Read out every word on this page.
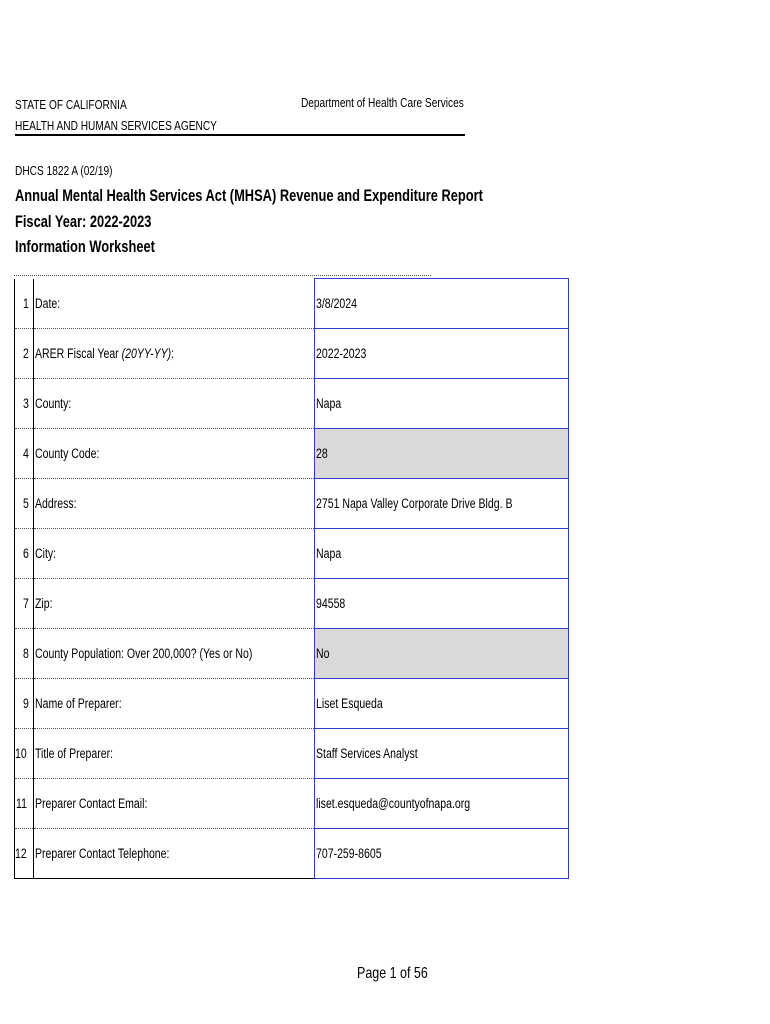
STATE OF CALIFORNIA
HEALTH AND HUMAN SERVICES AGENCY
Department of Health Care Services
DHCS 1822 A (02/19)
Annual Mental Health Services Act (MHSA) Revenue and Expenditure Report
Fiscal Year: 2022-2023
Information Worksheet
1	Date:	3/8/2024
2	ARER Fiscal Year (20YY-YY):	2022-2023
3	County:	Napa
4	County Code:	28
5	Address:	2751 Napa Valley Corporate Drive Bldg. B
6	City:	Napa
7	Zip:	94558
8	County Population: Over 200,000? (Yes or No)	No
9	Name of Preparer:	Liset Esqueda
10	Title of Preparer:	Staff Services Analyst
11	Preparer Contact Email:	liset.esqueda@countyofnapa.org
12	Preparer Contact Telephone:	707-259-8605
Page 1 of 56
